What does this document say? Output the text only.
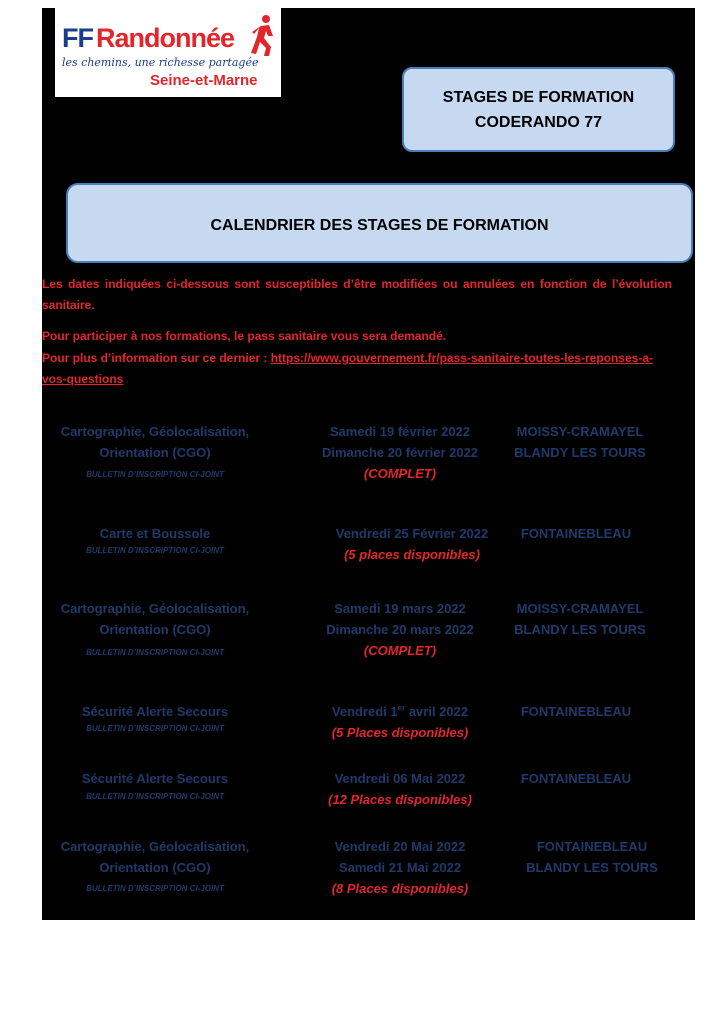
FF Randonnée
les chemins, une richesse partagée
Seine-et-Marne
STAGES DE FORMATION
CODERANDO 77
CALENDRIER DES STAGES DE FORMATION
Les dates indiquées ci-dessous sont susceptibles d’être modifiées ou annulées en fonction de l’évolution sanitaire.
Pour participer à nos formations, le pass sanitaire vous sera demandé.
Pour plus d’information sur ce dernier : https://www.gouvernement.fr/pass-sanitaire-toutes-les-reponses-a-vos-questions
Cartographie, Géolocalisation,
Orientation (CGO)
BULLETIN D’INSCRIPTION CI-JOINT
Samedi 19 février 2022
Dimanche 20 février 2022
(COMPLET)
MOISSY-CRAMAYEL
BLANDY LES TOURS
Carte et Boussole
BULLETIN D’INSCRIPTION CI-JOINT
Vendredi 25 Février 2022
(5 places disponibles)
FONTAINEBLEAU
Cartographie, Géolocalisation,
Orientation (CGO)
BULLETIN D’INSCRIPTION CI-JOINT
Samedi 19 mars 2022
Dimanche 20 mars 2022
(COMPLET)
MOISSY-CRAMAYEL
BLANDY LES TOURS
Sécurité Alerte Secours
BULLETIN D’INSCRIPTION CI-JOINT
Vendredi 1er avril 2022
(5 Places disponibles)
FONTAINEBLEAU
Sécurité Alerte Secours
BULLETIN D’INSCRIPTION CI-JOINT
Vendredi 06 Mai 2022
(12 Places disponibles)
FONTAINEBLEAU
Cartographie, Géolocalisation,
Orientation (CGO)
BULLETIN D’INSCRIPTION CI-JOINT
Vendredi 20 Mai 2022
Samedi 21 Mai 2022
(8 Places disponibles)
FONTAINEBLEAU
BLANDY LES TOURS
